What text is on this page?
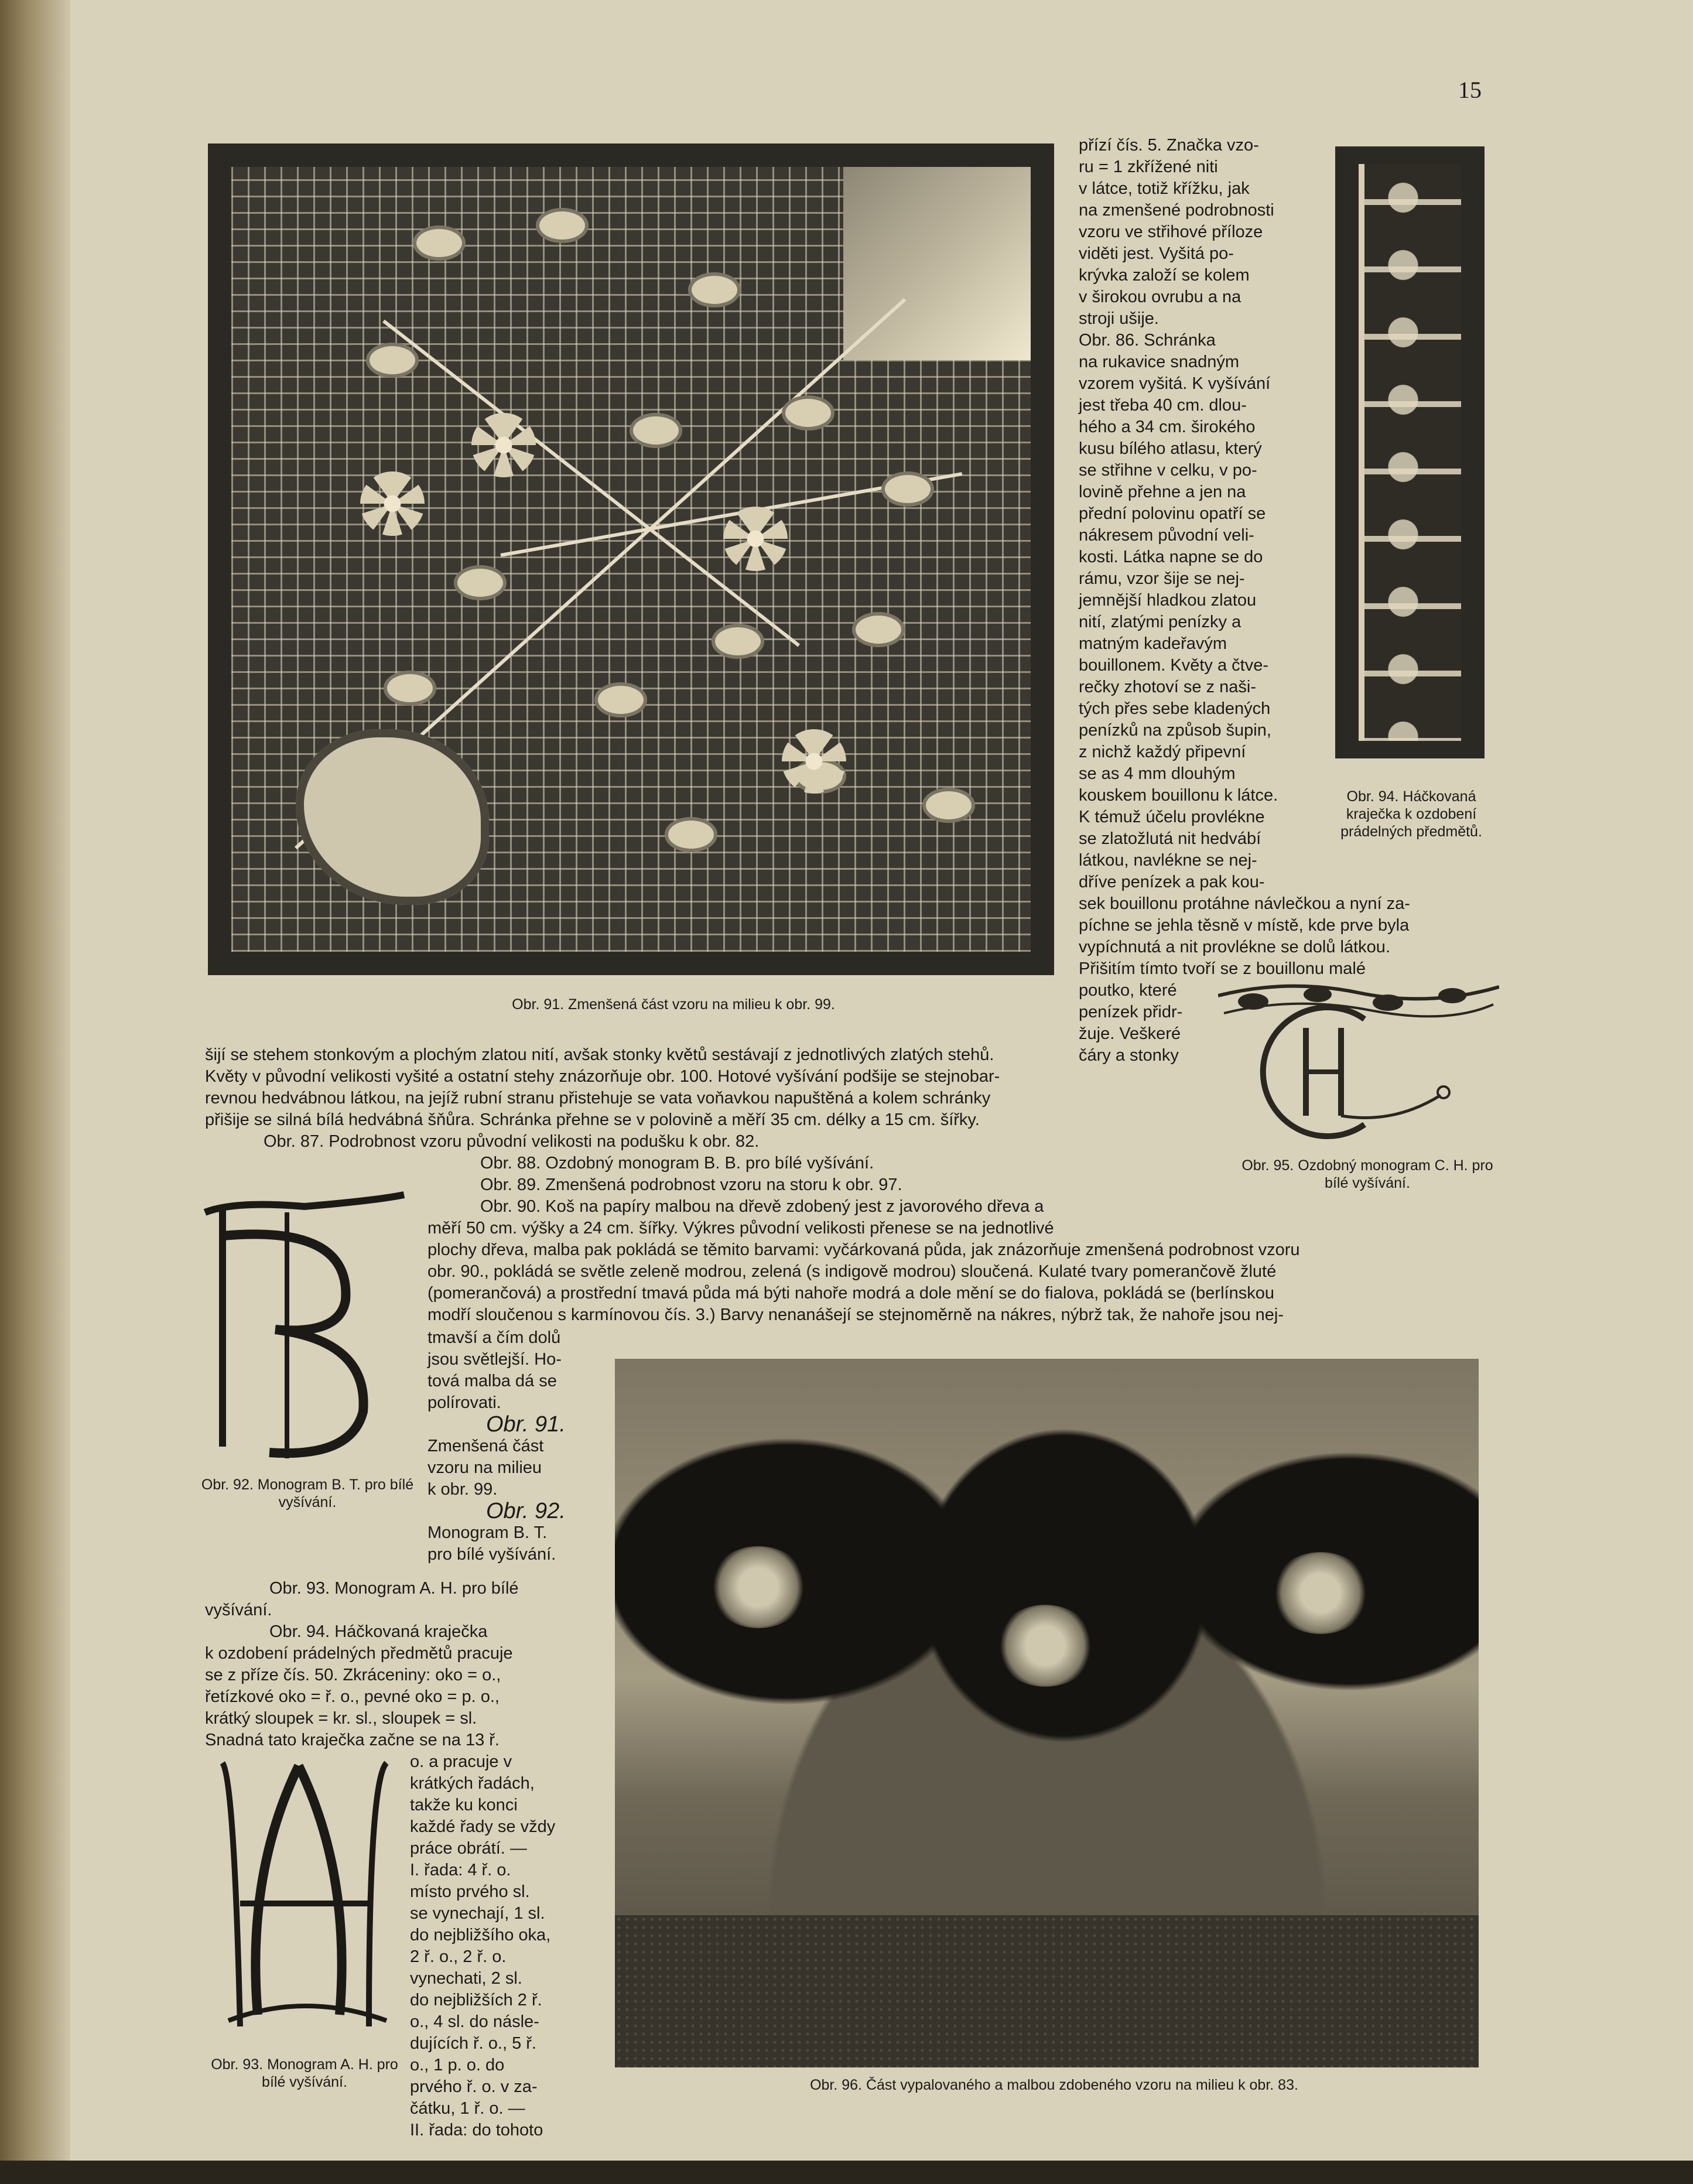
15
Obr. 91. Zmenšená část vzoru na milieu k obr. 99.
Obr. 94. Háčkovaná kraječka k ozdobení prádelných předmětů.

přízí čís. 5. Značka vzo-

ru = 1 zkřížené niti

v látce, totiž křížku, jak

na zmenšené podrobnosti

vzoru ve střihové příloze

viděti jest. Vyšitá po-

krývka založí se kolem

v širokou ovrubu a na

stroji ušije.

Obr. 86. Schránka

na rukavice snadným

vzorem vyšitá. K vyšívání

jest třeba 40 cm. dlou-

hého a 34 cm. širokého

kusu bílého atlasu, který

se střihne v celku, v po-

lovině přehne a jen na

přední polovinu opatří se

nákresem původní veli-

kosti. Látka napne se do

rámu, vzor šije se nej-

jemnější hladkou zlatou

nití, zlatými penízky a

matným kadeřavým

bouillonem. Květy a čtve-

rečky zhotoví se z naši-

tých přes sebe kladených

penízků na způsob šupin,

z nichž každý připevní

se as 4 mm dlouhým

kouskem bouillonu k látce.

K témuž účelu provlékne

se zlatožlutá nit hedvábí

látkou, navlékne se nej-

dříve penízek a pak kou-

sek bouillonu protáhne návlečkou a nyní za-

píchne se jehla těsně v místě, kde prve byla

vypíchnutá a nit provlékne se dolů látkou.

Přišitím tímto tvoří se z bouillonu malé

poutko, které

penízek přidr-

žuje. Veškeré

čáry a stonky

Obr. 95. Ozdobný monogram C. H. pro bílé vyšívání.

šijí se stehem stonkovým a plochým zlatou nití, avšak stonky květů sestávají z jednotlivých zlatých stehů.

Květy v původní velikosti vyšité a ostatní stehy znázorňuje obr. 100. Hotové vyšívání podšije se stejnobar-

revnou hedvábnou látkou, na jejíž rubní stranu přistehuje se vata voňavkou napuštěná a kolem schránky

přišije se silná bílá hedvábná šňůra. Schránka přehne se v polovině a měří 35 cm. délky a 15 cm. šířky.

Obr. 87. Podrobnost vzoru původní velikosti na podušku k obr. 82.

Obr. 88. Ozdobný monogram B. B. pro bílé vyšívání.

Obr. 89. Zmenšená podrobnost vzoru na storu k obr. 97.

Obr. 90. Koš na papíry malbou na dřevě zdobený jest z javorového dřeva a

měří 50 cm. výšky a 24 cm. šířky. Výkres původní velikosti přenese se na jednotlivé

plochy dřeva, malba pak pokládá se těmito barvami: vyčárkovaná půda, jak znázorňuje zmenšená podrobnost vzoru

obr. 90., pokládá se světle zeleně modrou, zelená (s indigově modrou) sloučená. Kulaté tvary pomerančově žluté

(pomerančová) a prostřední tmavá půda má býti nahoře modrá a dole mění se do fialova, pokládá se (berlínskou

modří sloučenou s karmínovou čís. 3.) Barvy nenanášejí se stejnoměrně na nákres, nýbrž tak, že nahoře jsou nej-

Obr. 92. Monogram B. T. pro bílé vyšívání.

tmavší a čím dolů

jsou světlejší. Ho-

tová malba dá se

polírovati.

Obr. 91.

Zmenšená část

vzoru na milieu

k obr. 99.

Obr. 92.

Monogram B. T.

pro bílé vyšívání.

Obr. 93. Monogram A. H. pro bílé

vyšívání.

Obr. 94. Háčkovaná kraječka

k ozdobení prádelných předmětů pracuje

se z příze čís. 50. Zkráceniny: oko = o.,

řetízkové oko = ř. o., pevné oko = p. o.,

krátký sloupek = kr. sl., sloupek = sl.

Snadná tato kraječka začne se na 13 ř.

Obr. 93. Monogram A. H. pro bílé vyšívání.

o. a pracuje v

krátkých řadách,

takže ku konci

každé řady se vždy

práce obrátí. —

I. řada: 4 ř. o.

místo prvého sl.

se vynechají, 1 sl.

do nejbližšího oka,

2 ř. o., 2 ř. o.

vynechati, 2 sl.

do nejbližších 2 ř.

o., 4 sl. do násle-

dujících ř. o., 5 ř.

o., 1 p. o. do

prvého ř. o. v za-

čátku, 1 ř. o. —

II. řada: do tohoto

Obr. 96. Část vypalovaného a malbou zdobeného vzoru na milieu k obr. 83.
